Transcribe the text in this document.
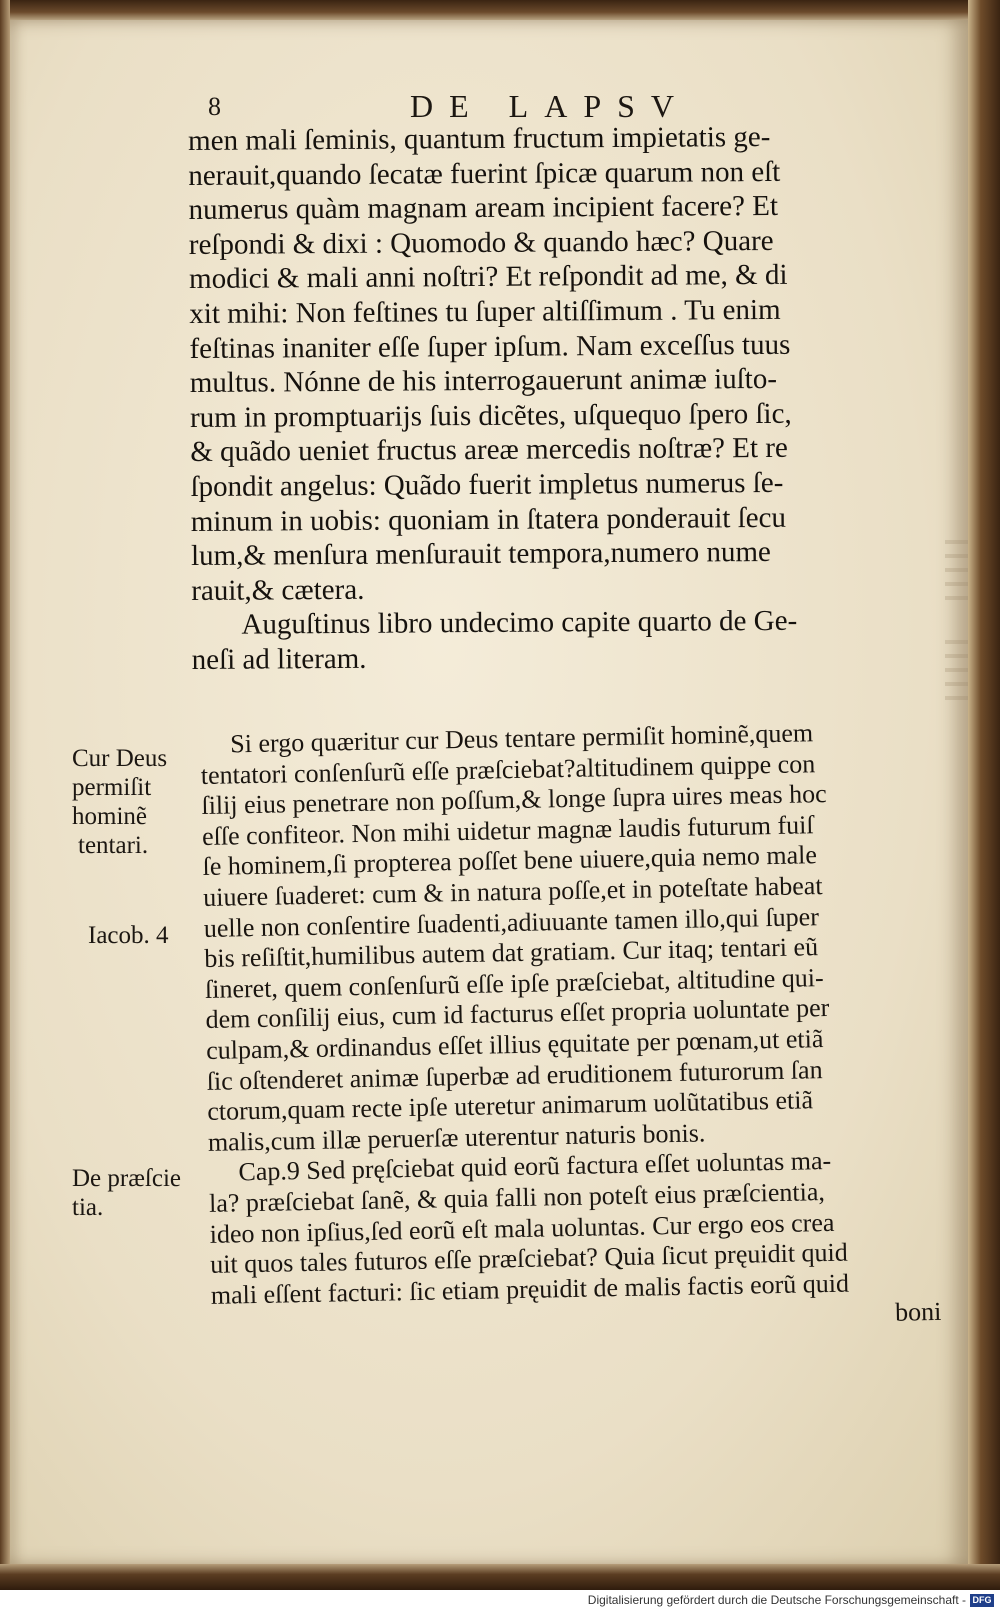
8	DE LAPSV

men mali ſeminis, quantum fructum impietatis ge-

nerauit,quando ſecatæ fuerint ſpicæ quarum non eſt

numerus quàm magnam aream incipient facere? Et

reſpondi & dixi : Quomodo & quando hæc? Quare

modici & mali anni noſtri? Et reſpondit ad me, & di

xit mihi: Non feſtines tu ſuper altiſſimum . Tu enim

feſtinas inaniter eſſe ſuper ipſum. Nam exceſſus tuus

multus. Nónne de his interrogauerunt animæ iuſto-

rum in promptuarijs ſuis dicẽtes, uſquequo ſpero ſic,

& quãdo ueniet fructus areæ mercedis noſtræ? Et re

ſpondit angelus: Quãdo fuerit impletus numerus ſe-

minum in uobis: quoniam in ſtatera ponderauit ſecu

lum,& menſura menſurauit tempora,numero nume

rauit,& cætera.

Auguſtinus libro undecimo capite quarto de Ge-

neſi ad literam.

Si ergo quæritur cur Deus tentare permiſit hominẽ,quem

tentatori conſenſurũ eſſe præſciebat?altitudinem quippe con

ſilij eius penetrare non poſſum,& longe ſupra uires meas hoc

eſſe confiteor. Non mihi uidetur magnæ laudis futurum fuiſ

ſe hominem,ſi propterea poſſet bene uiuere,quia nemo male

uiuere ſuaderet: cum & in natura poſſe,et in poteſtate habeat

uelle non conſentire ſuadenti,adiuuante tamen illo,qui ſuper

bis reſiſtit,humilibus autem dat gratiam. Cur itaq; tentari eũ

ſineret, quem conſenſurũ eſſe ipſe præſciebat, altitudine qui-

dem conſilij eius, cum id facturus eſſet propria uoluntate per

culpam,& ordinandus eſſet illius ęquitate per pœnam,ut etiã

ſic oſtenderet animæ ſuperbæ ad eruditionem futurorum ſan

ctorum,quam recte ipſe uteretur animarum uolũtatibus etiã

malis,cum illæ peruerſæ uterentur naturis bonis.

Cap.9 Sed pręſciebat quid eorũ factura eſſet uoluntas ma-

la? præſciebat ſanẽ, & quia falli non poteſt eius præſcientia,

ideo non ipſius,ſed eorũ eſt mala uoluntas. Cur ergo eos crea

uit quos tales futuros eſſe præſciebat? Quia ſicut pręuidit quid

mali eſſent facturi: ſic etiam pręuidit de malis factis eorũ quid

boni

Cur Deus

permiſit

hominẽ

tentari.

Iacob. 4

De præſcie

tia.

Digitalisierung gefördert durch die Deutsche Forschungsgemeinschaft - DFG
